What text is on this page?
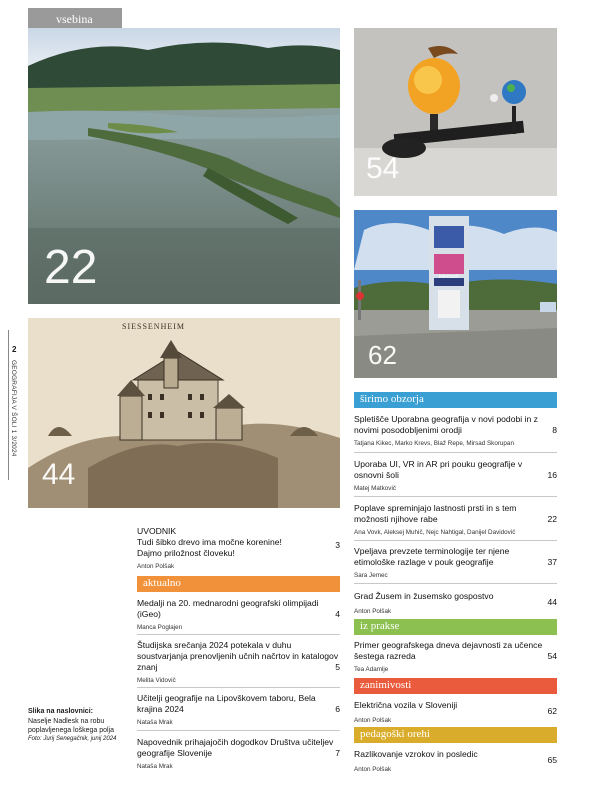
vsebina
2
GEOGRAFIJA V ŠOLI 1 3/2024
22
54
telemach
62
SIESSENHEIM
44
UVODNIK
Tudi šibko drevo ima močne korenine!
Dajmo priložnost človeku!
Anton Polšak
3
aktualno
Medalji na 20. mednarodni geografski olimpijadi (iGeo)
Manca Poglajen
4
Študijska srečanja 2024 potekala v duhu soustvarjanja prenovljenih učnih načrtov in katalogov znanj
Melita Vidovič
5
Učitelji geografije na Lipovškovem taboru, Bela krajina 2024
Nataša Mrak
6
Napovednik prihajajočih dogodkov Društva učiteljev geografije Slovenije
Nataša Mrak
7
Slika na naslovnici:
Naselje Nadlesk na robu poplavljenega loškega polja
Foto: Jurij Senegačnik, junij 2024
širimo obzorja
Spletišče Uporabna geografija v novi podobi in z novimi posodobljenimi orodji
Tatjana Kikec, Marko Krevs, Blaž Repe, Mirsad Skorupan
8
Uporaba UI, VR in AR pri pouku geografije v osnovni šoli
Matej Matkovič
16
Poplave spreminjajo lastnosti prsti in s tem možnosti njihove rabe
Ana Vovk, Aleksej Muhič, Nejc Nahtigal, Danijel Davidovič
22
Vpeljava prevzete terminologije ter njene etimološke razlage v pouk geografije
Sara Jemec
37
Grad Žusem in žusemsko gospostvo
Anton Polšak
44
iz prakse
Primer geografskega dneva dejavnosti za učence šestega razreda
Tea Adamlje
54
zanimivosti
Električna vozila v Sloveniji
Anton Polšak
62
pedagoški orehi
Razlikovanje vzrokov in posledic
Anton Polšak
65
